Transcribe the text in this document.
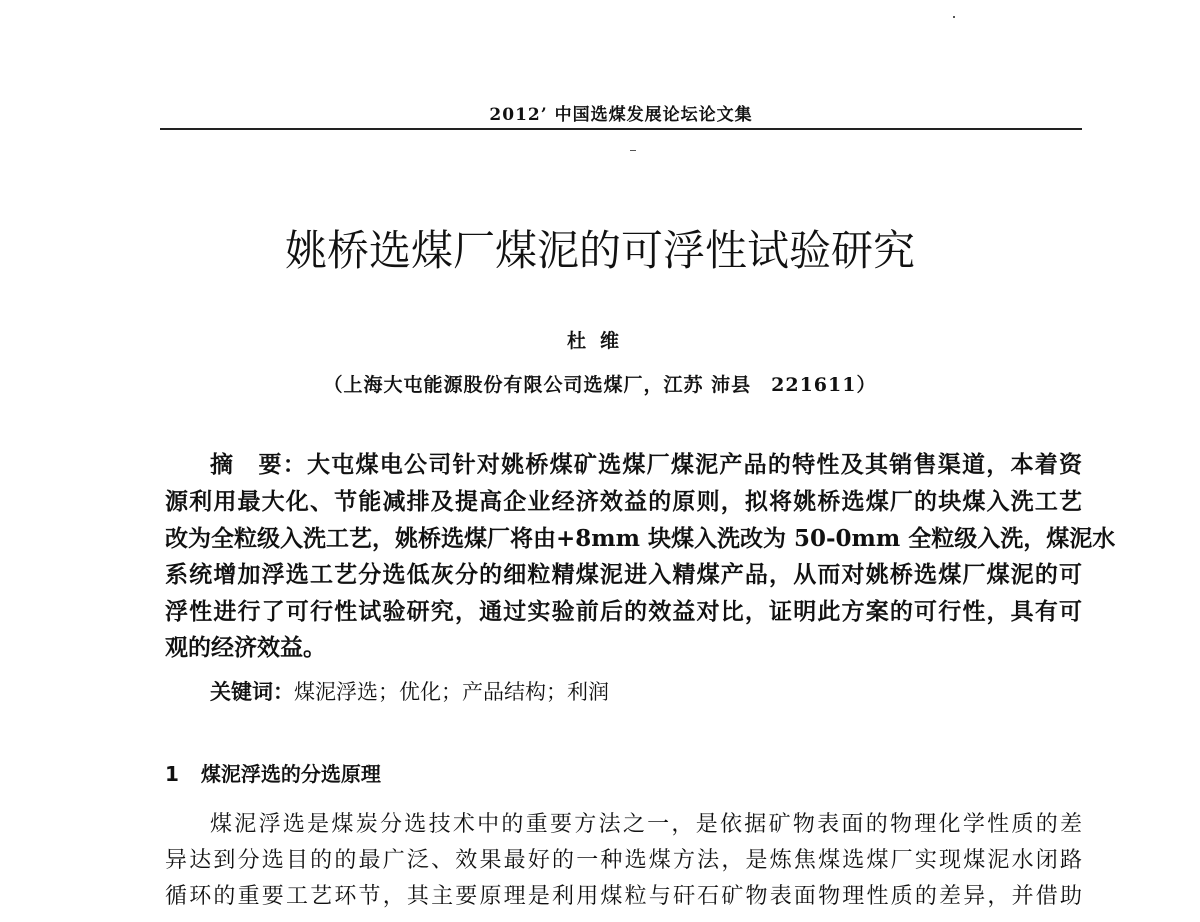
2012’ 中国选煤发展论坛论文集
姚桥选煤厂煤泥的可浮性试验研究
杜维
（上海大屯能源股份有限公司选煤厂，江苏 沛县　221611）
摘　要：大屯煤电公司针对姚桥煤矿选煤厂煤泥产品的特性及其销售渠道，本着资
源利用最大化、节能减排及提高企业经济效益的原则，拟将姚桥选煤厂的块煤入洗工艺
改为全粒级入洗工艺，姚桥选煤厂将由+8mm 块煤入洗改为 50-0mm 全粒级入洗，煤泥水
系统增加浮选工艺分选低灰分的细粒精煤泥进入精煤产品，从而对姚桥选煤厂煤泥的可
浮性进行了可行性试验研究，通过实验前后的效益对比，证明此方案的可行性，具有可
观的经济效益。
关键词：煤泥浮选；优化；产品结构；利润
1 煤泥浮选的分选原理
煤泥浮选是煤炭分选技术中的重要方法之一，是依据矿物表面的物理化学性质的差
异达到分选目的的最广泛、效果最好的一种选煤方法，是炼焦煤选煤厂实现煤泥水闭路
循环的重要工艺环节，其主要原理是利用煤粒与矸石矿物表面物理性质的差异，并借助
